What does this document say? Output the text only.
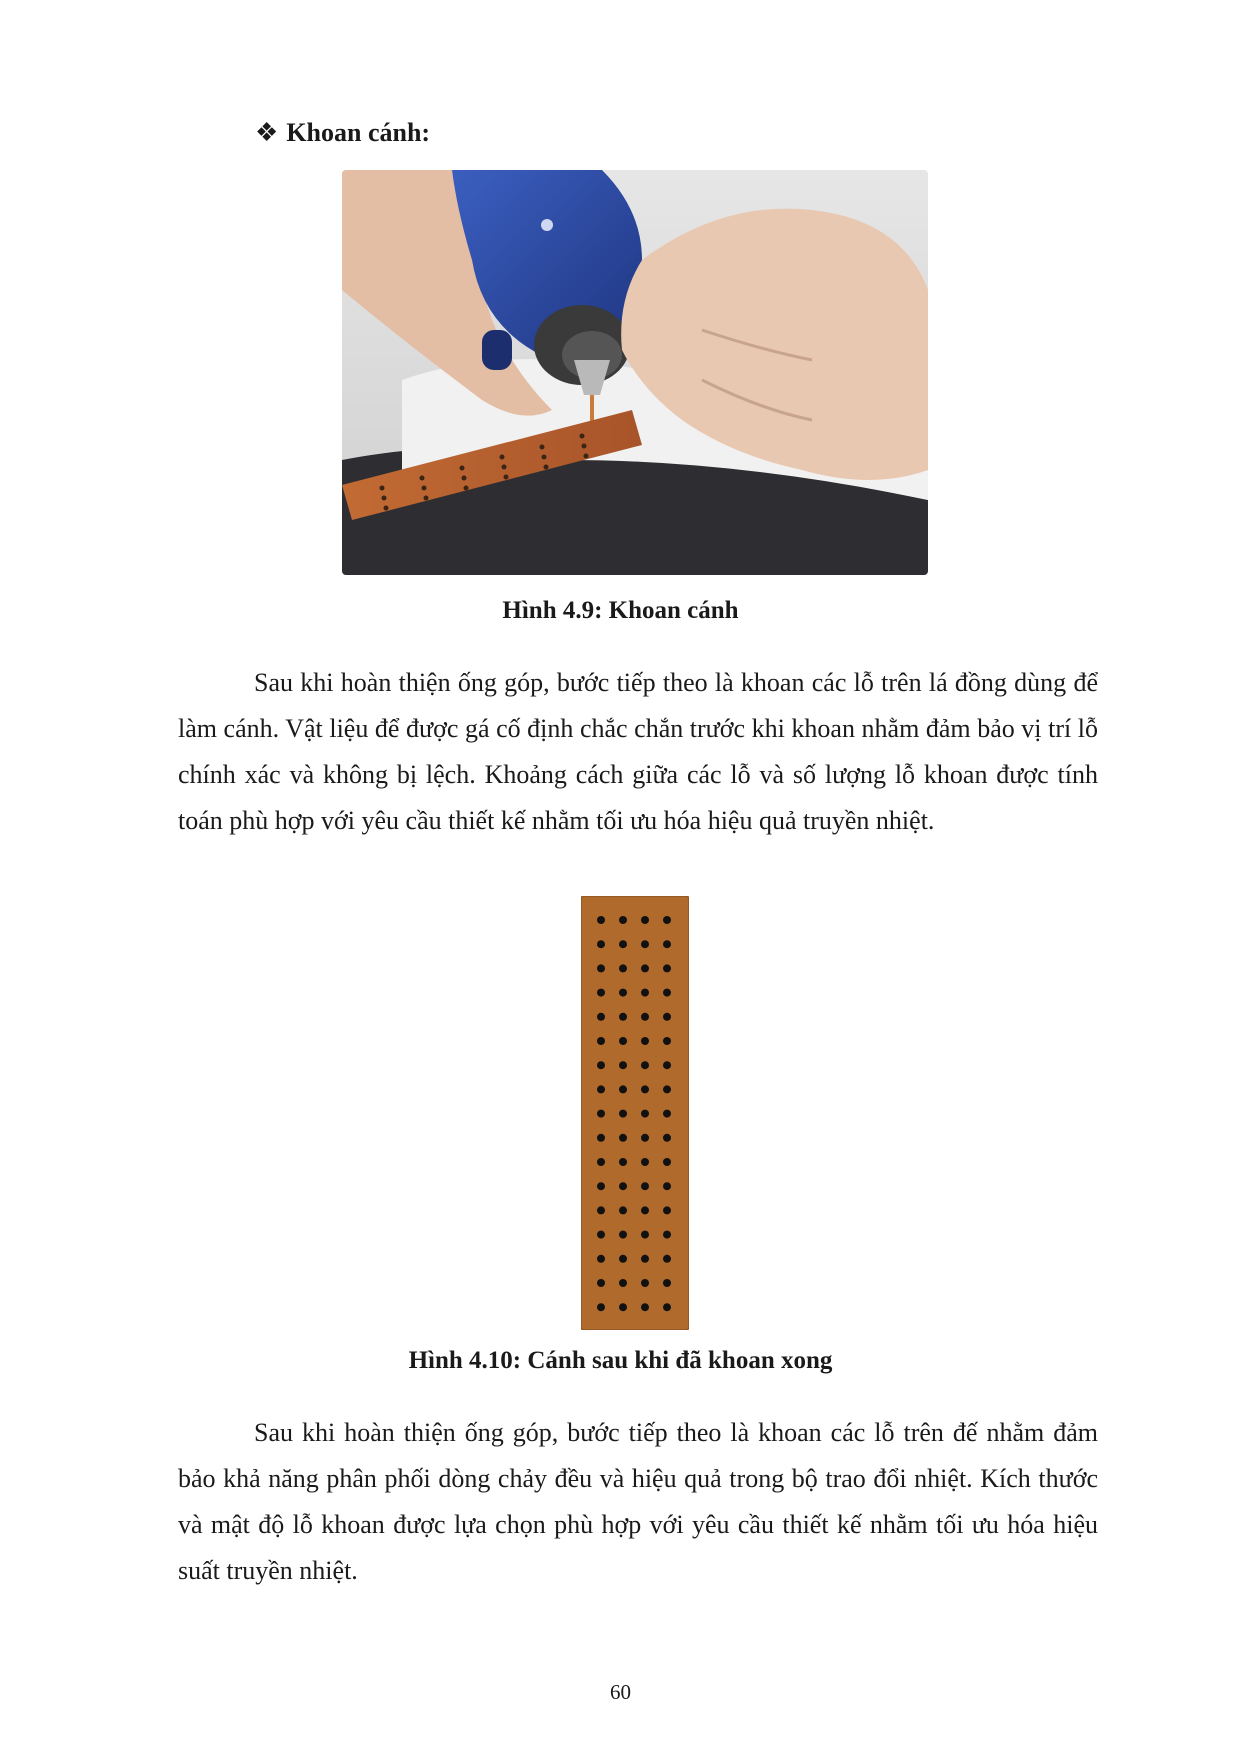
❖ Khoan cánh:

Hình 4.9: Khoan cánh

Sau khi hoàn thiện ống góp, bước tiếp theo là khoan các lỗ trên lá đồng dùng để làm cánh. Vật liệu để được gá cố định chắc chắn trước khi khoan nhằm đảm bảo vị trí lỗ chính xác và không bị lệch. Khoảng cách giữa các lỗ và số lượng lỗ khoan được tính toán phù hợp với yêu cầu thiết kế nhằm tối ưu hóa hiệu quả truyền nhiệt.

Hình 4.10: Cánh sau khi đã khoan xong

Sau khi hoàn thiện ống góp, bước tiếp theo là khoan các lỗ trên đế nhằm đảm bảo khả năng phân phối dòng chảy đều và hiệu quả trong bộ trao đổi nhiệt. Kích thước và mật độ lỗ khoan được lựa chọn phù hợp với yêu cầu thiết kế nhằm tối ưu hóa hiệu suất truyền nhiệt.

60
